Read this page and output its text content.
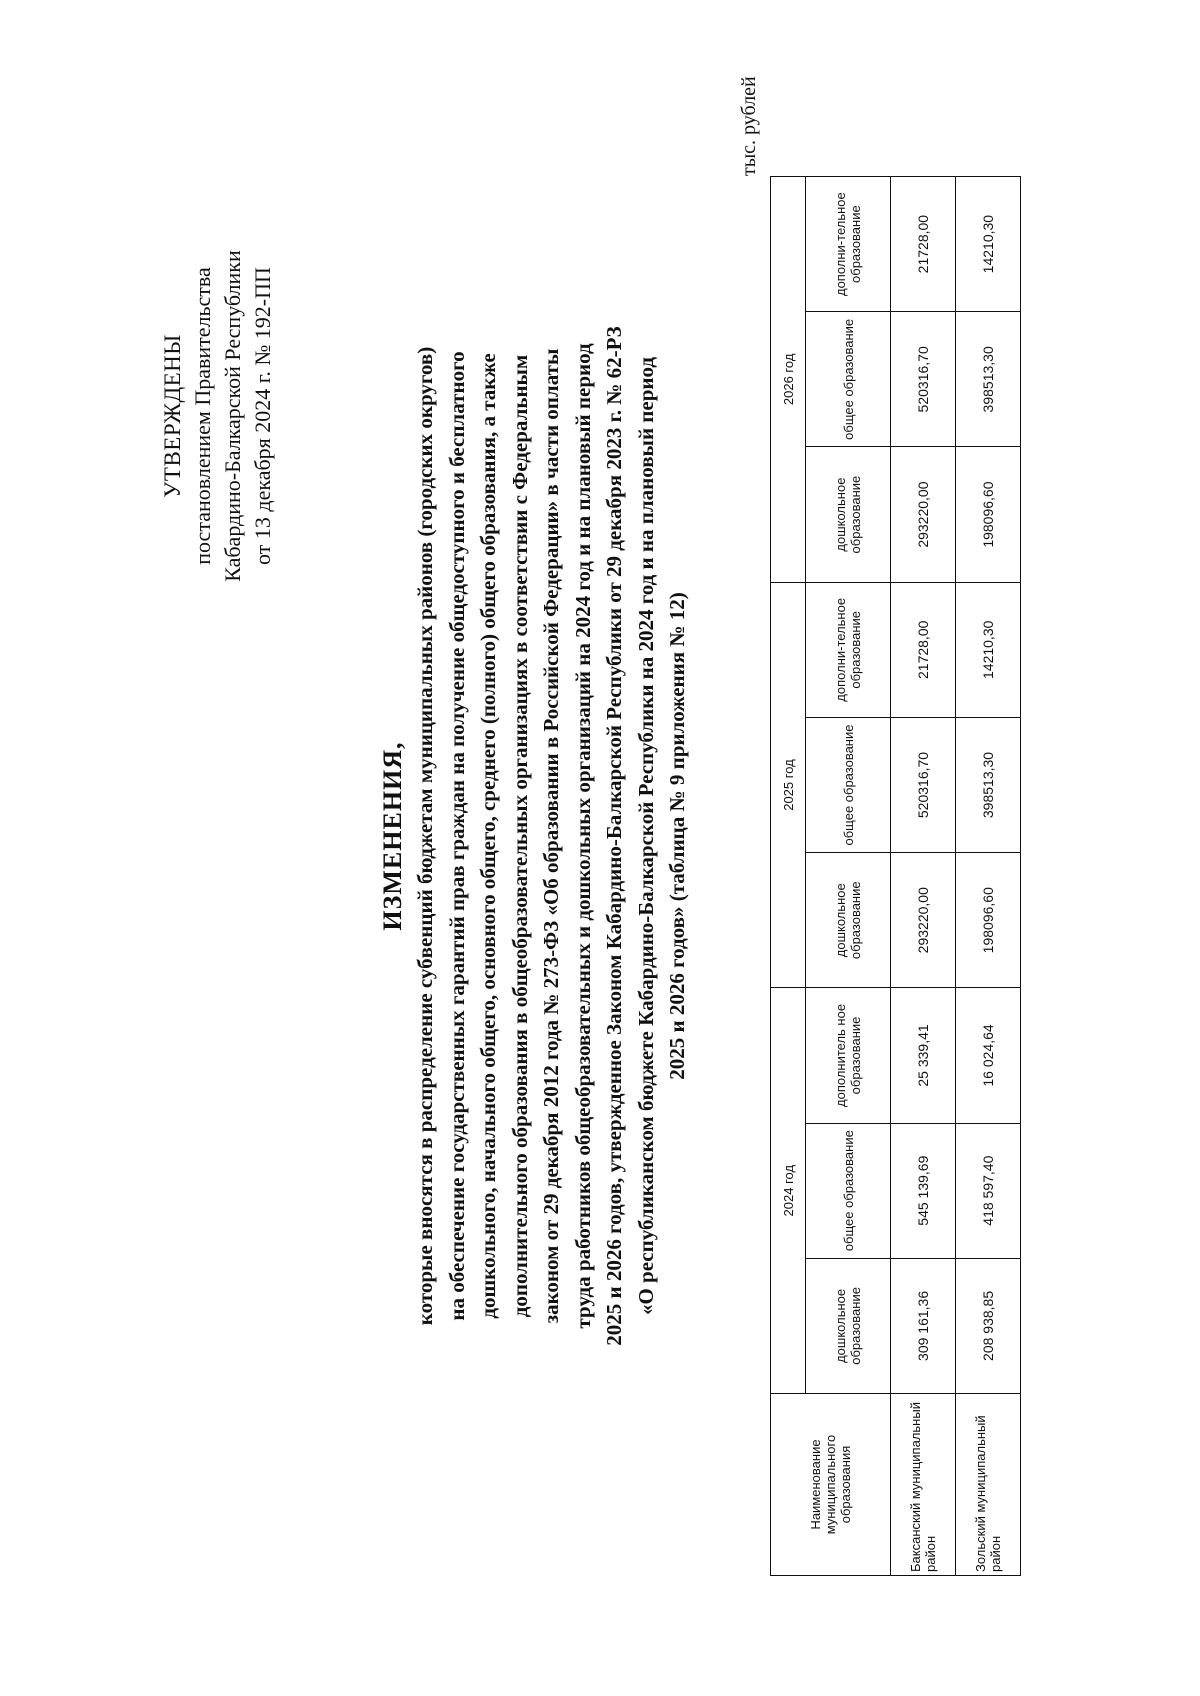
УТВЕРЖДЕНЫ постановлением Правительства Кабардино-Балкарской Республики от 13 декабря 2024 г. № 192-ПП
ИЗМЕНЕНИЯ, которые вносятся в распределение субвенций бюджетам муниципальных районов (городских округов) на обеспечение государственных гарантий прав граждан на получение общедоступного и бесплатного дошкольного, начального общего, основного общего, среднего (полного) общего образования, а также дополнительного образования в общеобразовательных организациях в соответствии с Федеральным законом от 29 декабря 2012 года № 273-ФЗ «Об образовании в Российской Федерации» в части оплаты труда работников общеобразовательных и дошкольных организаций на 2024 год и на плановый период 2025 и 2026 годов, утвержденное Законом Кабардино-Балкарской Республики от 29 декабря 2023 г. № 62-РЗ «О республиканском бюджете Кабардино-Балкарской Республики на 2024 год и на плановый период 2025 и 2026 годов» (таблица № 9 приложения № 12)
тыс. рублей
Наименование муниципального образования	2024 год			2025 год			2026 год		
	дошкольное образование	общее образование	дополнитель ное образование	дошкольное образование	общее образование	дополни-тельное образование	дошкольное образование	общее образование	дополни-тельное образование
Баксанский муниципальный район	309 161,36	545 139,69	25 339,41	293220,00	520316,70	21728,00	293220,00	520316,70	21728,00
Зольский муниципальный район	208 938,85	418 597,40	16 024,64	198096,60	398513,30	14210,30	198096,60	398513,30	14210,30
